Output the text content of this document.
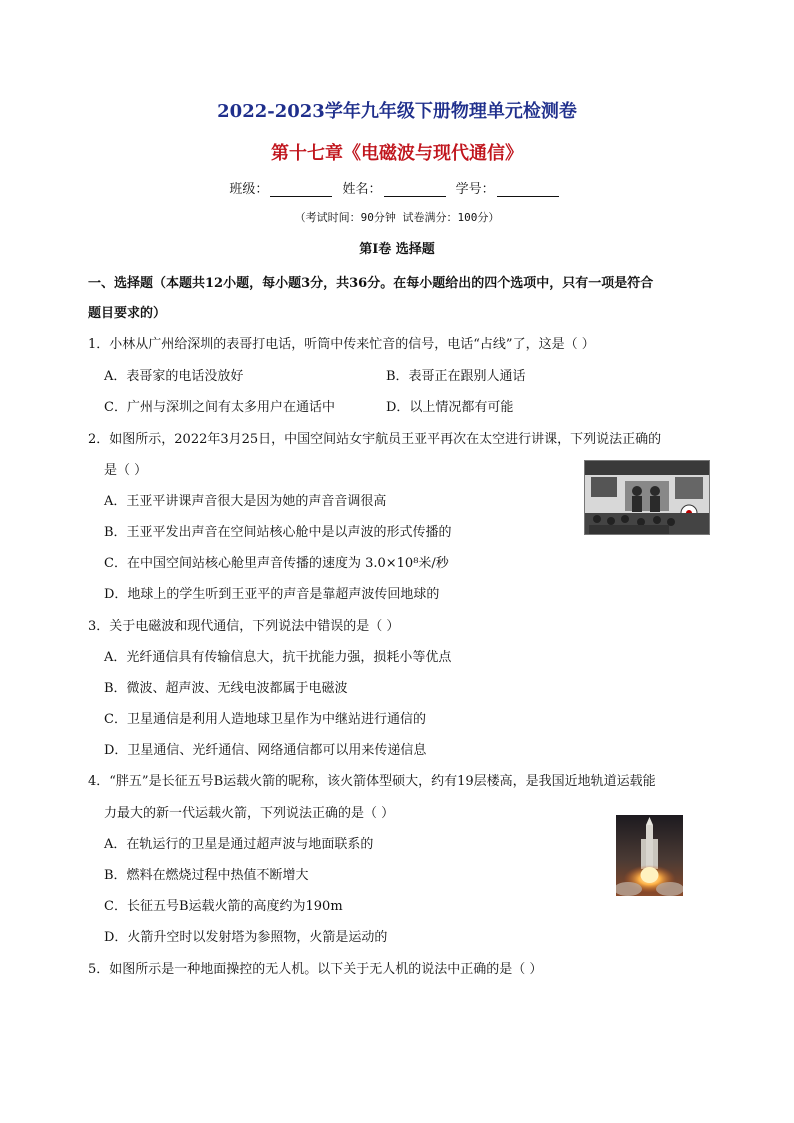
2022-2023学年九年级下册物理单元检测卷
第十七章《电磁波与现代通信》
班级：	姓名：	学号：
（考试时间：90分钟 试卷满分：100分）
第Ⅰ卷 选择题
一、选择题（本题共12小题，每小题3分，共36分。在每小题给出的四个选项中，只有一项是符合
题目要求的）
1．小林从广州给深圳的表哥打电话，听筒中传来忙音的信号，电话“占线”了，这是（ ）
A．表哥家的电话没放好	B．表哥正在跟别人通话
C．广州与深圳之间有太多用户在通话中	D．以上情况都有可能
2．如图所示，2022年3月25日，中国空间站女宇航员王亚平再次在太空进行讲课，下列说法正确的
是（ ）
A．王亚平讲课声音很大是因为她的声音音调很高
B．王亚平发出声音在空间站核心舱中是以声波的形式传播的
C．在中国空间站核心舱里声音传播的速度为 3.0×10⁸米/秒
D．地球上的学生听到王亚平的声音是靠超声波传回地球的
3．关于电磁波和现代通信，下列说法中错误的是（ ）
A．光纤通信具有传输信息大，抗干扰能力强，损耗小等优点
B．微波、超声波、无线电波都属于电磁波
C．卫星通信是利用人造地球卫星作为中继站进行通信的
D．卫星通信、光纤通信、网络通信都可以用来传递信息
4．“胖五”是长征五号B运载火箭的昵称，该火箭体型硕大，约有19层楼高，是我国近地轨道运载能
力最大的新一代运载火箭，下列说法正确的是（ ）
A．在轨运行的卫星是通过超声波与地面联系的
B．燃料在燃烧过程中热值不断增大
C．长征五号B运载火箭的高度约为190m
D．火箭升空时以发射塔为参照物，火箭是运动的
5．如图所示是一种地面操控的无人机。以下关于无人机的说法中正确的是（ ）
